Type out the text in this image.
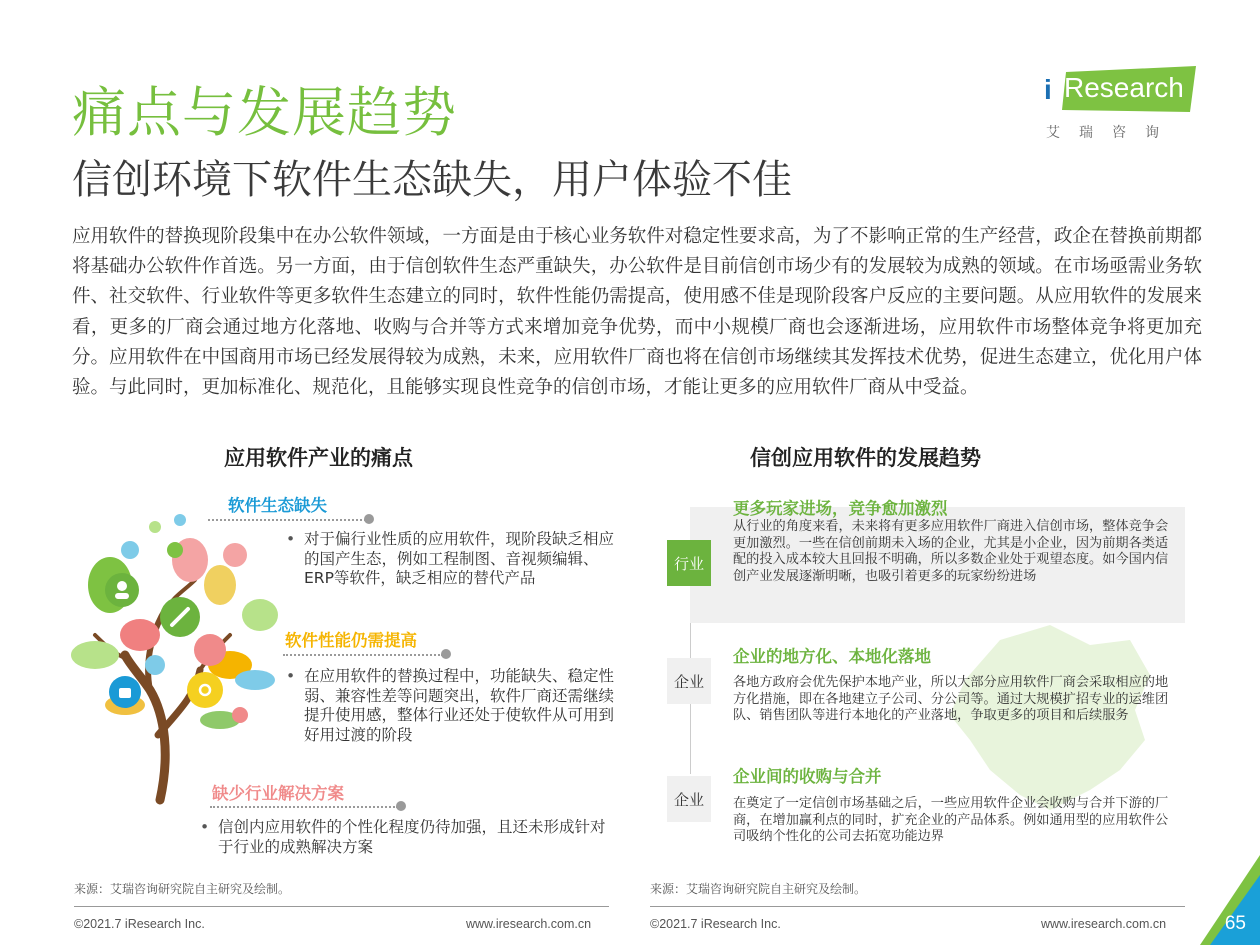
痛点与发展趋势
信创环境下软件生态缺失，用户体验不佳
i Research
艾瑞咨询
应用软件的替换现阶段集中在办公软件领域，一方面是由于核心业务软件对稳定性要求高，为了不影响正常的生产经营，政企在替换前期都将基础办公软件作首选。另一方面，由于信创软件生态严重缺失，办公软件是目前信创市场少有的发展较为成熟的领域。在市场亟需业务软件、社交软件、行业软件等更多软件生态建立的同时，软件性能仍需提高，使用感不佳是现阶段客户反应的主要问题。从应用软件的发展来看，更多的厂商会通过地方化落地、收购与合并等方式来增加竞争优势，而中小规模厂商也会逐渐进场，应用软件市场整体竞争将更加充分。应用软件在中国商用市场已经发展得较为成熟，未来，应用软件厂商也将在信创市场继续其发挥技术优势，促进生态建立，优化用户体验。与此同时，更加标准化、规范化，且能够实现良性竞争的信创市场，才能让更多的应用软件厂商从中受益。
应用软件产业的痛点	信创应用软件的发展趋势
软件生态缺失
• 对于偏行业性质的应用软件，现阶段缺乏相应的国产生态，例如工程制图、音视频编辑、ERP等软件，缺乏相应的替代产品
软件性能仍需提高
• 在应用软件的替换过程中，功能缺失、稳定性弱、兼容性差等问题突出，软件厂商还需继续提升使用感，整体行业还处于使软件从可用到好用过渡的阶段
缺少行业解决方案
• 信创内应用软件的个性化程度仍待加强，且还未形成针对于行业的成熟解决方案
行业
更多玩家进场，竞争愈加激烈
从行业的角度来看，未来将有更多应用软件厂商进入信创市场，整体竞争会更加激烈。一些在信创前期未入场的企业，尤其是小企业，因为前期各类适配的投入成本较大且回报不明确，所以多数企业处于观望态度。如今国内信创产业发展逐渐明晰，也吸引着更多的玩家纷纷进场
企业
企业的地方化、本地化落地
各地方政府会优先保护本地产业，所以大部分应用软件厂商会采取相应的地方化措施，即在各地建立子公司、分公司等。通过大规模扩招专业的运维团队、销售团队等进行本地化的产业落地，争取更多的项目和后续服务
企业
企业间的收购与合并
在奠定了一定信创市场基础之后，一些应用软件企业会收购与合并下游的厂商，在增加赢利点的同时，扩充企业的产品体系。例如通用型的应用软件公司吸纳个性化的公司去拓宽功能边界
来源：艾瑞咨询研究院自主研究及绘制。	来源：艾瑞咨询研究院自主研究及绘制。
©2021.7 iResearch Inc.	www.iresearch.com.cn	©2021.7 iResearch Inc.	www.iresearch.com.cn	65
